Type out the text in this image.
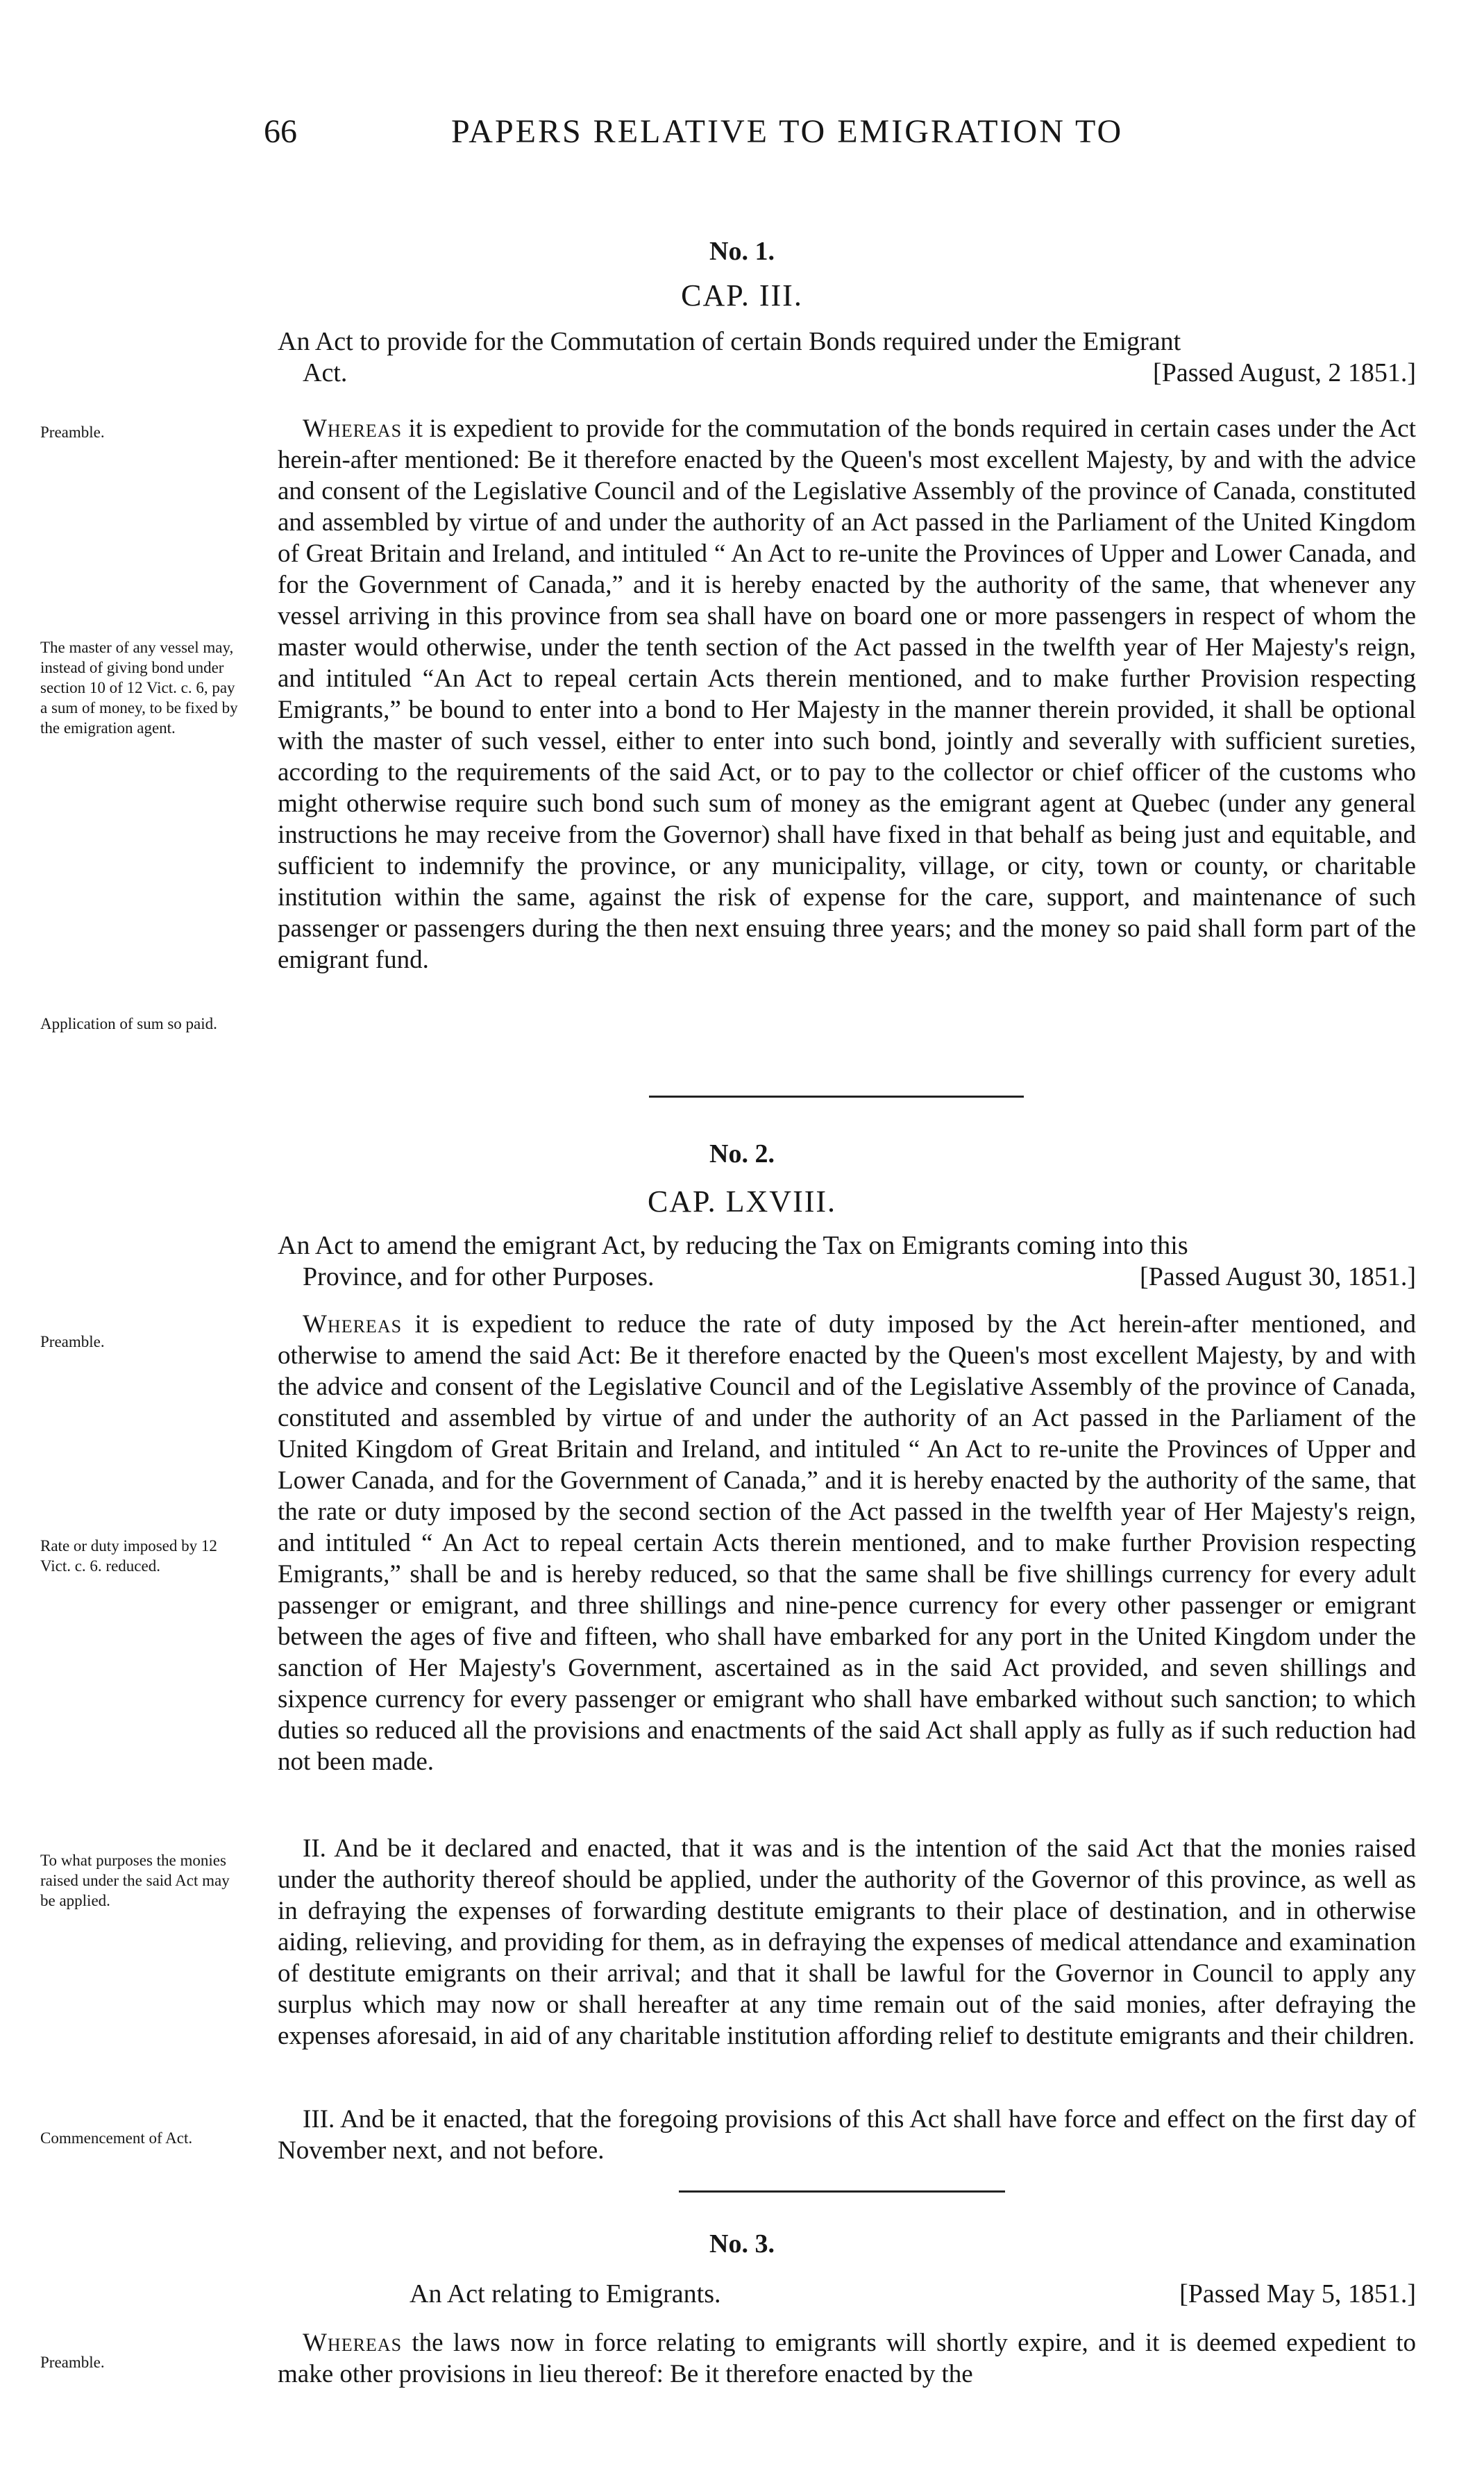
66	PAPERS RELATIVE TO EMIGRATION TO
No. 1.
CAP. III.
An Act to provide for the Commutation of certain Bonds required under the Emigrant
Act.	[Passed August, 2 1851.]
Preamble.
The master of any vessel may, instead of giving bond under section 10 of 12 Vict. c. 6, pay a sum of money, to be fixed by the emigration agent.
Application of sum so paid.
Whereas it is expedient to provide for the commutation of the bonds required in certain cases under the Act herein-after mentioned: Be it therefore enacted by the Queen's most excellent Majesty, by and with the advice and consent of the Legislative Council and of the Legislative Assembly of the province of Canada, constituted and assembled by virtue of and under the authority of an Act passed in the Parliament of the United Kingdom of Great Britain and Ireland, and intituled “ An Act to re-unite the Provinces of Upper and Lower Canada, and for the Government of Canada,” and it is hereby enacted by the authority of the same, that whenever any vessel arriving in this province from sea shall have on board one or more passengers in respect of whom the master would otherwise, under the tenth section of the Act passed in the twelfth year of Her Majesty's reign, and intituled “An Act to repeal certain Acts therein mentioned, and to make further Provision respecting Emigrants,” be bound to enter into a bond to Her Majesty in the manner therein provided, it shall be optional with the master of such vessel, either to enter into such bond, jointly and severally with sufficient sureties, according to the requirements of the said Act, or to pay to the collector or chief officer of the customs who might otherwise require such bond such sum of money as the emigrant agent at Quebec (under any general instructions he may receive from the Governor) shall have fixed in that behalf as being just and equitable, and sufficient to indemnify the province, or any municipality, village, or city, town or county, or charitable institution within the same, against the risk of expense for the care, support, and maintenance of such passenger or passengers during the then next ensuing three years; and the money so paid shall form part of the emigrant fund.
No. 2.
CAP. LXVIII.
An Act to amend the emigrant Act, by reducing the Tax on Emigrants coming into this
Province, and for other Purposes.	[Passed August 30, 1851.]
Preamble.
Rate or duty imposed by 12 Vict. c. 6. reduced.
To what purposes the monies raised under the said Act may be applied.
Commencement of Act.
Whereas it is expedient to reduce the rate of duty imposed by the Act herein-after mentioned, and otherwise to amend the said Act: Be it therefore enacted by the Queen's most excellent Majesty, by and with the advice and consent of the Legislative Council and of the Legislative Assembly of the province of Canada, constituted and assembled by virtue of and under the authority of an Act passed in the Parliament of the United Kingdom of Great Britain and Ireland, and intituled “ An Act to re-unite the Provinces of Upper and Lower Canada, and for the Government of Canada,” and it is hereby enacted by the authority of the same, that the rate or duty imposed by the second section of the Act passed in the twelfth year of Her Majesty's reign, and intituled “ An Act to repeal certain Acts therein mentioned, and to make further Provision respecting Emigrants,” shall be and is hereby reduced, so that the same shall be five shillings currency for every adult passenger or emigrant, and three shillings and nine-pence currency for every other passenger or emigrant between the ages of five and fifteen, who shall have embarked for any port in the United Kingdom under the sanction of Her Majesty's Government, ascertained as in the said Act provided, and seven shillings and sixpence currency for every passenger or emigrant who shall have embarked without such sanction; to which duties so reduced all the provisions and enactments of the said Act shall apply as fully as if such reduction had not been made.
II. And be it declared and enacted, that it was and is the intention of the said Act that the monies raised under the authority thereof should be applied, under the authority of the Governor of this province, as well as in defraying the expenses of forwarding destitute emigrants to their place of destination, and in otherwise aiding, relieving, and providing for them, as in defraying the expenses of medical attendance and examination of destitute emigrants on their arrival; and that it shall be lawful for the Governor in Council to apply any surplus which may now or shall hereafter at any time remain out of the said monies, after defraying the expenses aforesaid, in aid of any charitable institution affording relief to destitute emigrants and their children.
III. And be it enacted, that the foregoing provisions of this Act shall have force and effect on the first day of November next, and not before.
No. 3.
An Act relating to Emigrants.	[Passed May 5, 1851.]
Preamble.
Whereas the laws now in force relating to emigrants will shortly expire, and it is deemed expedient to make other provisions in lieu thereof: Be it therefore enacted by the
